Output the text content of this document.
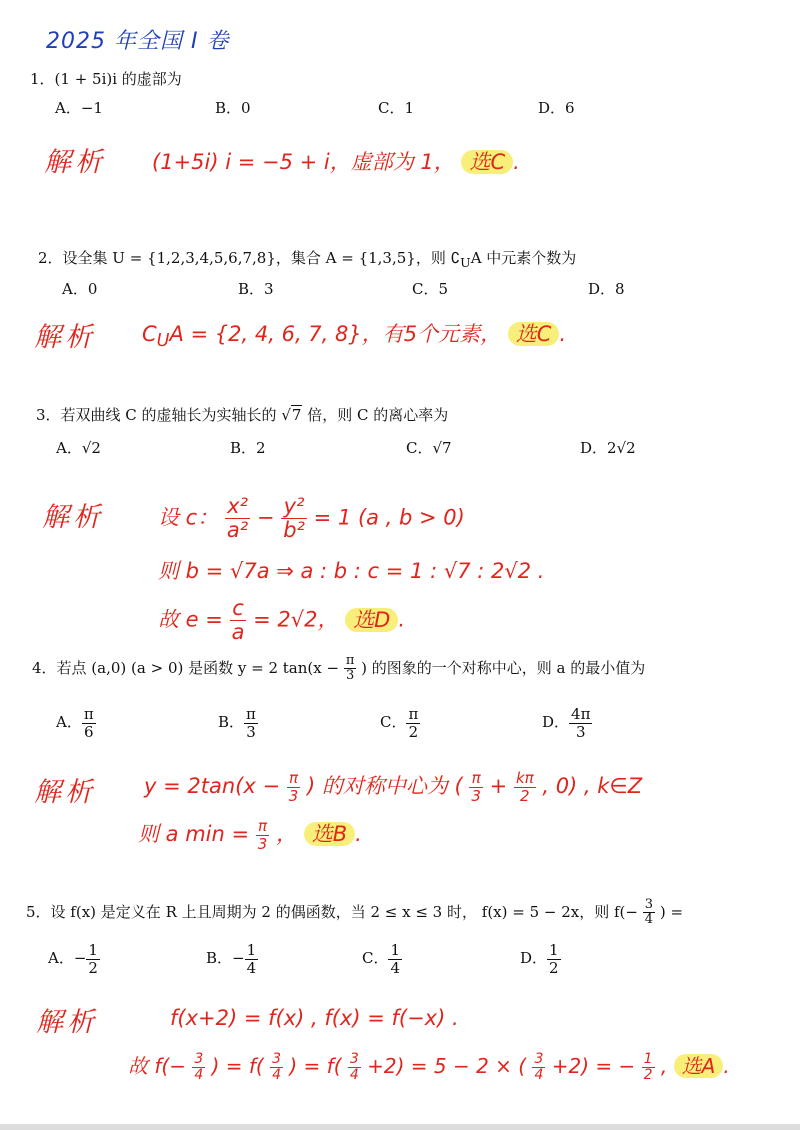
2025 年全国 I 卷
1．(1 + 5i)i 的虚部为
A．−1	B．0	C．1	D．6
解析 (1+5i) i = −5 + i，虚部为 1， 选C .
2．设全集 U = {1,2,3,4,5,6,7,8}，集合 A = {1,3,5}，则 $∁_UA$ 中元素个数为
A．0	B．3	C．5	D．8
解析 $C_UA = \{2$, 4, 6, 7, 8}，有5个元素， 选C .
3．若双曲线 C 的虚轴长为实轴长的 √7 倍，则 C 的离心率为
A．√2	B．2	C．√7	D．2√2
解析	设 c： $\frac{\text{x²}}{\text{a²}} - \frac{\text{y²}}{\text{b²}} = 1$ (a , b > 0)
则 b = √7a ⇒ a : b : c = 1 : √7 : 2√2 .
故 $e = \frac{c}{a} = 2√2$， 选D .
4．若点 (a,0) (a > 0) 是函数 y = 2 $\tan(x - \frac{\pi}{3}$ ) 的图象的一个对称中心，则 a 的最小值为
A． $\frac{\pi}{6}$	B． $\frac{\pi}{3}$	C． $\frac{\pi}{2}$	D． $\frac{4\pi}{3}$
解析 $y = 2\tan(x - \frac{\pi}{3}$ ) 的对称中心为 ( $\frac{\pi}{3} + \frac{k\pi}{2}$ , 0) , k∈Z
则 a $\min = \frac{\pi}{3}$ ， 选B .
5．设 f(x) 是定义在 R 上且周期为 2 的偶函数，当 2 ≤ x ≤ 3 时， f(x) = 5 − 2x，则 $f(- \frac{3}{4}$ ) =
A．− $\frac{1}{2}$	B．− $\frac{1}{4}$	C． $\frac{1}{4}$	D． $\frac{1}{2}$
解析	f(x+2) = f(x) , f(x) = f(−x) .
故 $f(- \frac{3}{4}$ ) = $f( \frac{3}{4}$ ) = $f( \frac{3}{4} +2) = 5 - 2$ × ( $\frac{3}{4} +2$) = − $\frac{1}{2}$ , 选A .
